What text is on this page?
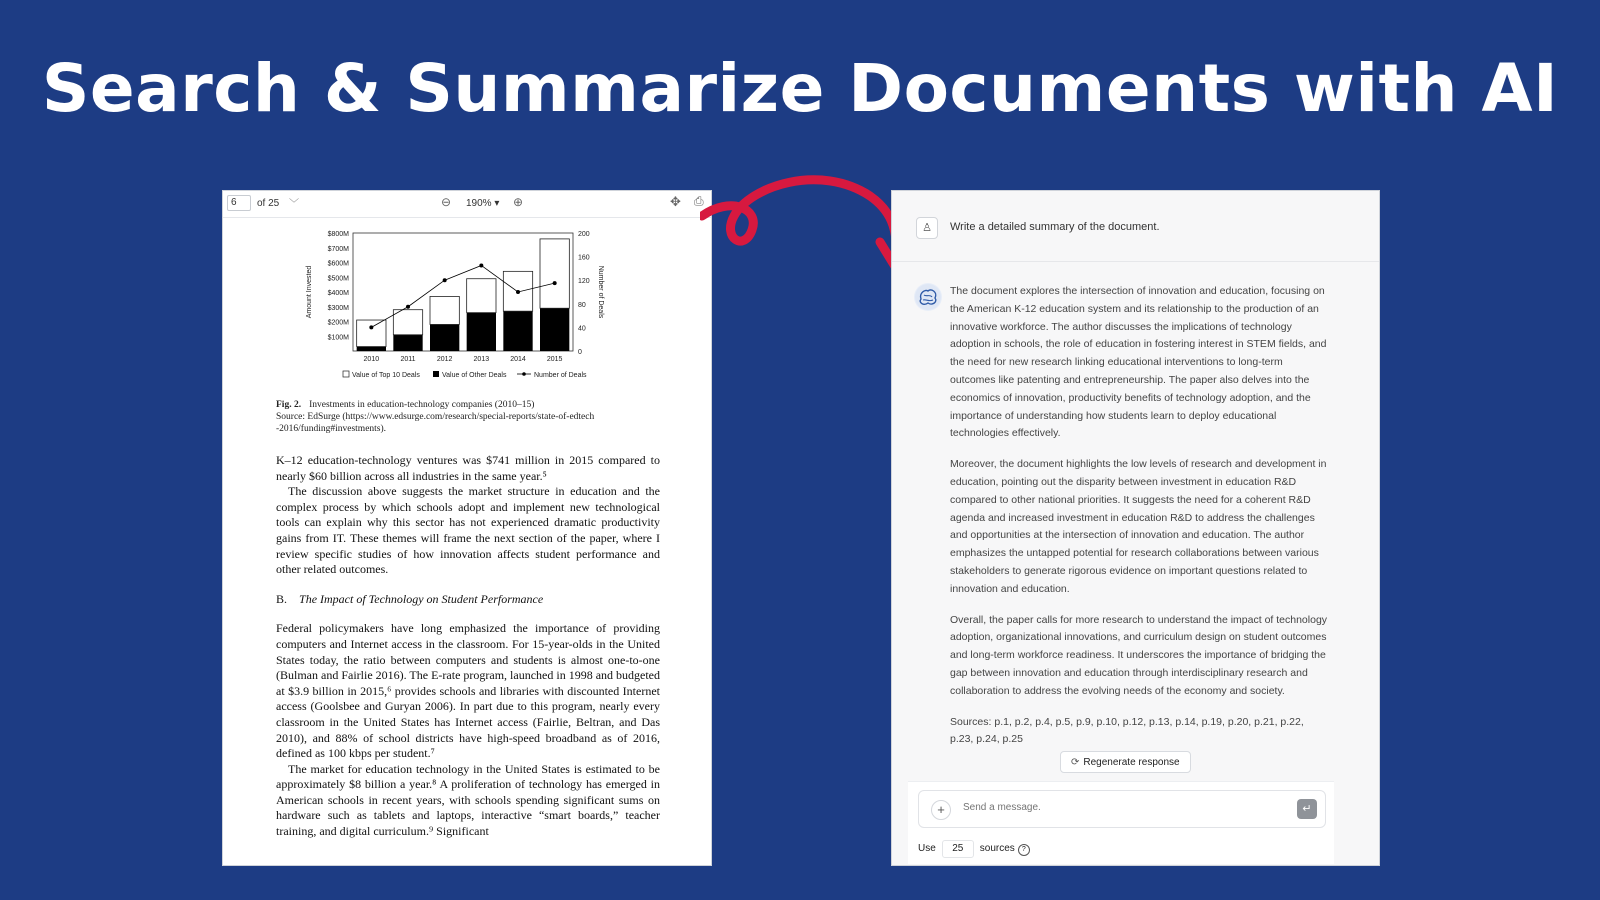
Search & Summarize Documents with AI
6	of 25 ﹀	⊖ 190% ▾ ⊕	✥ ⎙
$100M
$200M
$300M
$400M
$500M
$600M
$700M
$800M
0
40
80
120
160
200
2010	2011	2012	2013	2014	2015
Amount Invested	Number of Deals
Value of Top 10 Deals	Value of Other Deals	Number of Deals
Fig. 2. Investments in education-technology companies (2010–15)
Source: EdSurge (https://www.edsurge.com/research/special-reports/state-of-edtech -2016/funding#investments).

K–12 education-technology ventures was $741 million in 2015 compared to nearly $60 billion across all industries in the same year.⁵

The discussion above suggests the market structure in education and the complex process by which schools adopt and implement new technological tools can explain why this sector has not experienced dramatic productivity gains from IT. These themes will frame the next section of the paper, where I review specific studies of how innovation affects student performance and other related outcomes.

B. The Impact of Technology on Student Performance

Federal policymakers have long emphasized the importance of providing computers and Internet access in the classroom. For 15-year-olds in the United States today, the ratio between computers and students is almost one-to-one (Bulman and Fairlie 2016). The E-rate program, launched in 1998 and budgeted at $3.9 billion in 2015,⁶ provides schools and libraries with discounted Internet access (Goolsbee and Guryan 2006). In part due to this program, nearly every classroom in the United States has Internet access (Fairlie, Beltran, and Das 2010), and 88% of school districts have high-speed broadband as of 2016, defined as 100 kbps per student.⁷

The market for education technology in the United States is estimated to be approximately $8 billion a year.⁸ A proliferation of technology has emerged in American schools in recent years, with schools spending significant sums on hardware such as tablets and laptops, interactive “smart boards,” teacher training, and digital curriculum.⁹ Significant

♙	Write a detailed summary of the document.

The document explores the intersection of innovation and education, focusing on the American K-12 education system and its relationship to the production of an innovative workforce. The author discusses the implications of technology adoption in schools, the role of education in fostering interest in STEM fields, and the need for new research linking educational interventions to long-term outcomes like patenting and entrepreneurship. The paper also delves into the economics of innovation, productivity benefits of technology adoption, and the importance of understanding how students learn to deploy educational technologies effectively.

Moreover, the document highlights the low levels of research and development in education, pointing out the disparity between investment in education R&D compared to other national priorities. It suggests the need for a coherent R&D agenda and increased investment in education R&D to address the challenges and opportunities at the intersection of innovation and education. The author emphasizes the untapped potential for research collaborations between various stakeholders to generate rigorous evidence on important questions related to innovation and education.

Overall, the paper calls for more research to understand the impact of technology adoption, organizational innovations, and curriculum design on student outcomes and long-term workforce readiness. It underscores the importance of bridging the gap between innovation and education through interdisciplinary research and collaboration to address the evolving needs of the economy and society.

Sources: p.1, p.2, p.4, p.5, p.9, p.10, p.12, p.13, p.14, p.19, p.20, p.21, p.22, p.23, p.24, p.25

⟳ Regenerate response
+
Send a message.	↵
Use 25 sources ?
